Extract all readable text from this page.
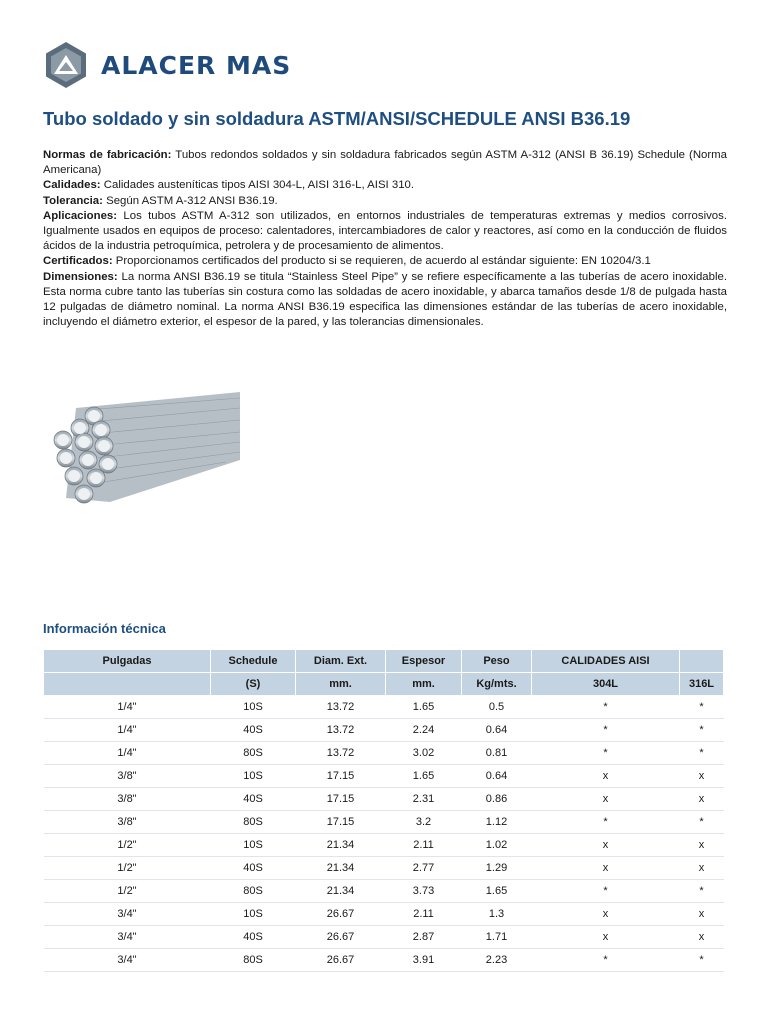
ALACER MAS
Tubo soldado y sin soldadura ASTM/ANSI/SCHEDULE ANSI B36.19

Normas de fabricación: Tubos redondos soldados y sin soldadura fabricados según ASTM A-312 (ANSI B 36.19) Schedule (Norma Americana)

Calidades: Calidades austeníticas tipos AISI 304-L, AISI 316-L, AISI 310.

Tolerancia: Según ASTM A-312 ANSI B36.19.

Aplicaciones: Los tubos ASTM A-312 son utilizados, en entornos industriales de temperaturas extremas y medios corrosivos. Igualmente usados en equipos de proceso: calentadores, intercambiadores de calor y reactores, así como en la conducción de fluidos ácidos de la industria petroquímica, petrolera y de procesamiento de alimentos.

Certificados: Proporcionamos certificados del producto si se requieren, de acuerdo al estándar siguiente: EN 10204/3.1

Dimensiones: La norma ANSI B36.19 se titula “Stainless Steel Pipe” y se refiere específicamente a las tuberías de acero inoxidable. Esta norma cubre tanto las tuberías sin costura como las soldadas de acero inoxidable, y abarca tamaños desde 1/8 de pulgada hasta 12 pulgadas de diámetro nominal. La norma ANSI B36.19 especifica las dimensiones estándar de las tuberías de acero inoxidable, incluyendo el diámetro exterior, el espesor de la pared, y las tolerancias dimensionales.

Información técnica
Pulgadas	Schedule	Diam. Ext.	Espesor	Peso	CALIDADES AISI	
	(S)	mm.	mm.	Kg/mts.	304L	316L
1/4"	10S	13.72	1.65	0.5	*	*
1/4"	40S	13.72	2.24	0.64	*	*
1/4"	80S	13.72	3.02	0.81	*	*
3/8"	10S	17.15	1.65	0.64	x	x
3/8"	40S	17.15	2.31	0.86	x	x
3/8"	80S	17.15	3.2	1.12	*	*
1/2"	10S	21.34	2.11	1.02	x	x
1/2"	40S	21.34	2.77	1.29	x	x
1/2"	80S	21.34	3.73	1.65	*	*
3/4"	10S	26.67	2.11	1.3	x	x
3/4"	40S	26.67	2.87	1.71	x	x
3/4"	80S	26.67	3.91	2.23	*	*
